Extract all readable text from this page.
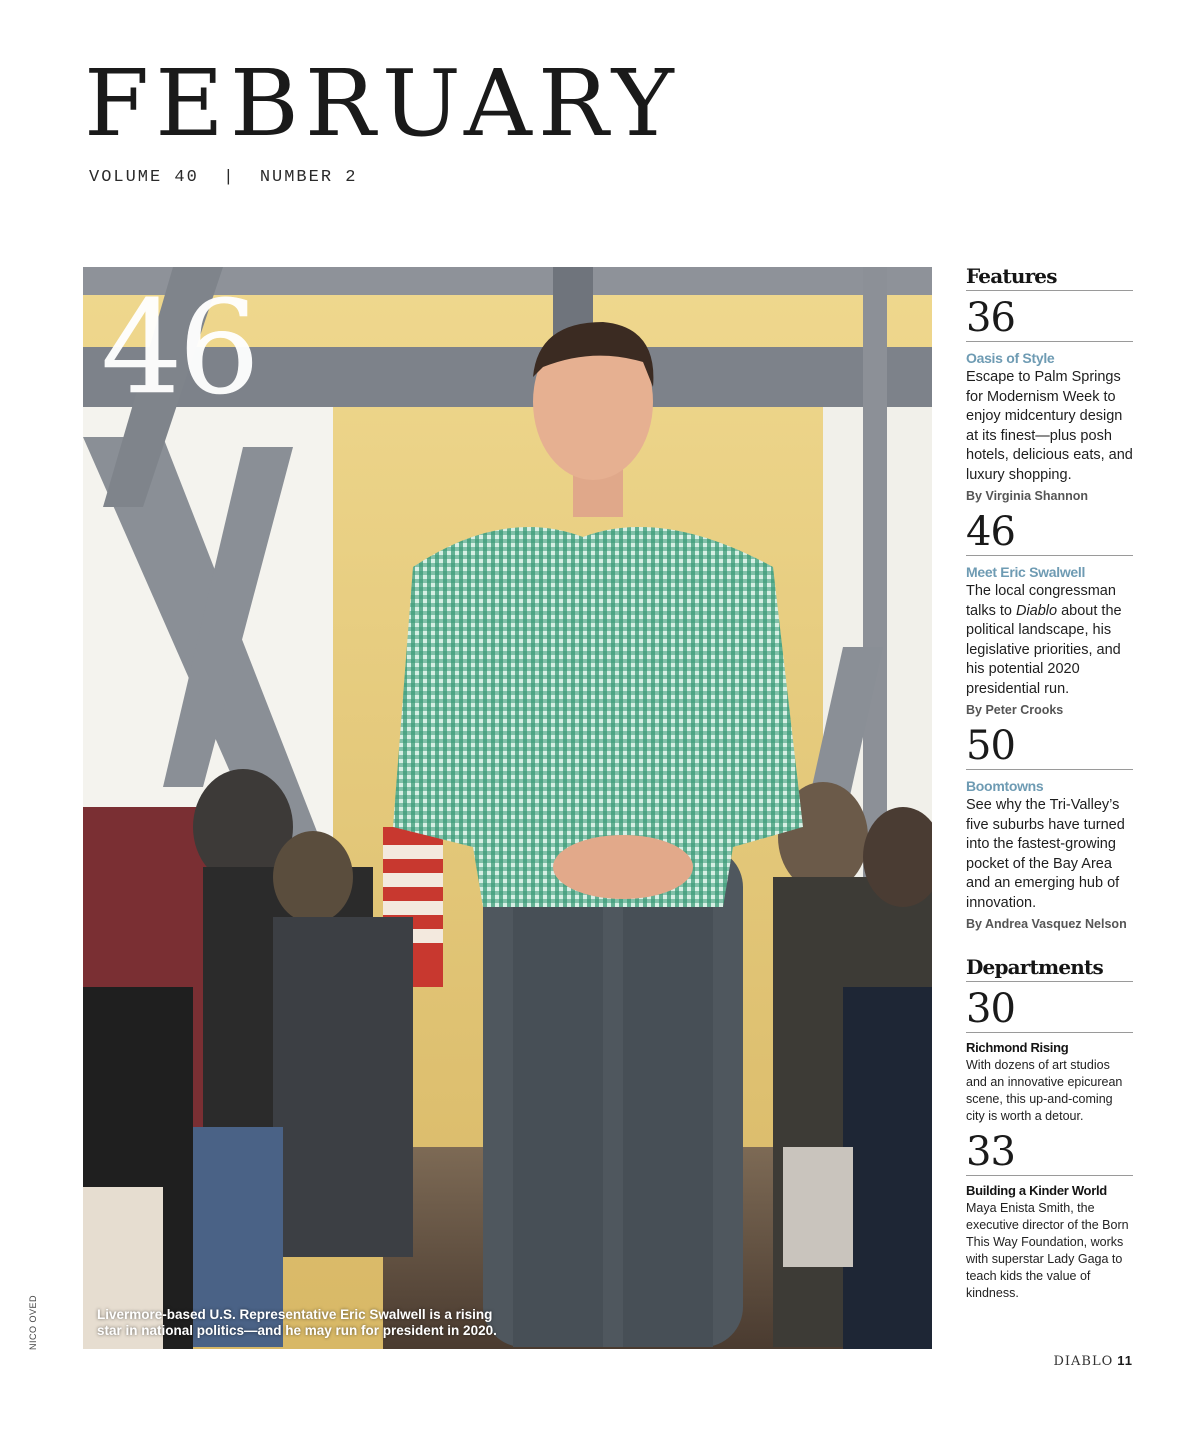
FEBRUARY
VOLUME 40  |  NUMBER 2
46
Livermore-based U.S. Representative Eric Swalwell is a rising star in national politics—and he may run for president in 2020.
NICO OVED
Features
36
Oasis of Style
Escape to Palm Springs for Modernism Week to enjoy midcentury design at its finest—plus posh hotels, delicious eats, and luxury shopping.
By Virginia Shannon
46
Meet Eric Swalwell
The local congressman talks to Diablo about the political landscape, his legislative priorities, and his potential 2020 presidential run.
By Peter Crooks
50
Boomtowns
See why the Tri-Valley’s five suburbs have turned into the fastest-growing pocket of the Bay Area and an emerging hub of innovation.
By Andrea Vasquez Nelson
Departments
30
Richmond Rising
With dozens of art studios and an innovative epicurean scene, this up-and-coming city is worth a detour.
33
Building a Kinder World
Maya Enista Smith, the executive director of the Born This Way Foundation, works with superstar Lady Gaga to teach kids the value of kindness.
DIABLO 11
